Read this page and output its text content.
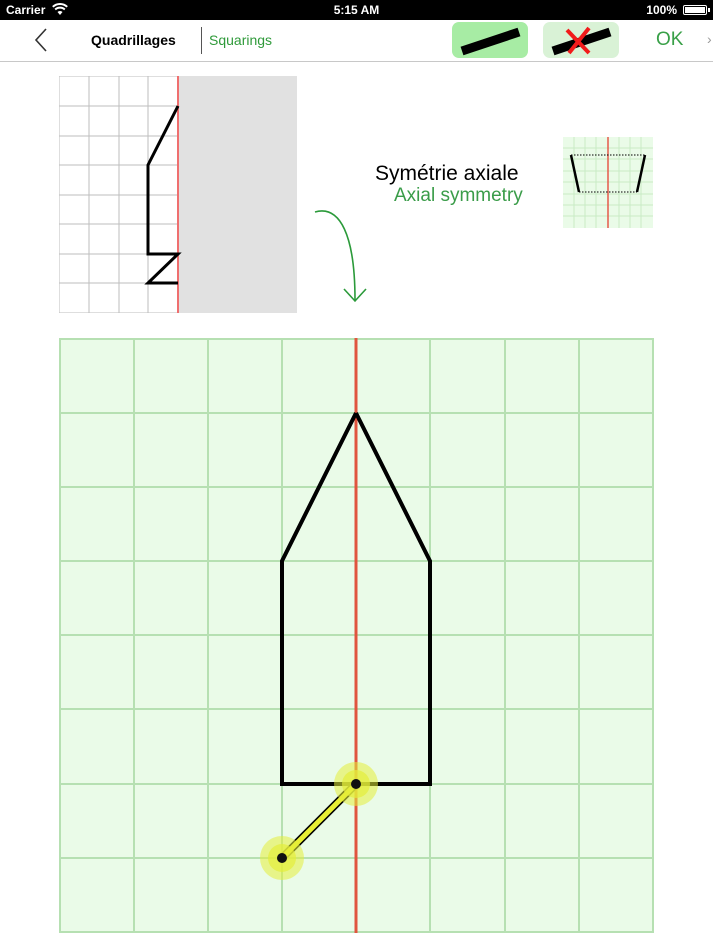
Carrier	5:15 AM	100%
Quadrillages Squarings	OK ›
Symétrie axiale
Axial symmetry
